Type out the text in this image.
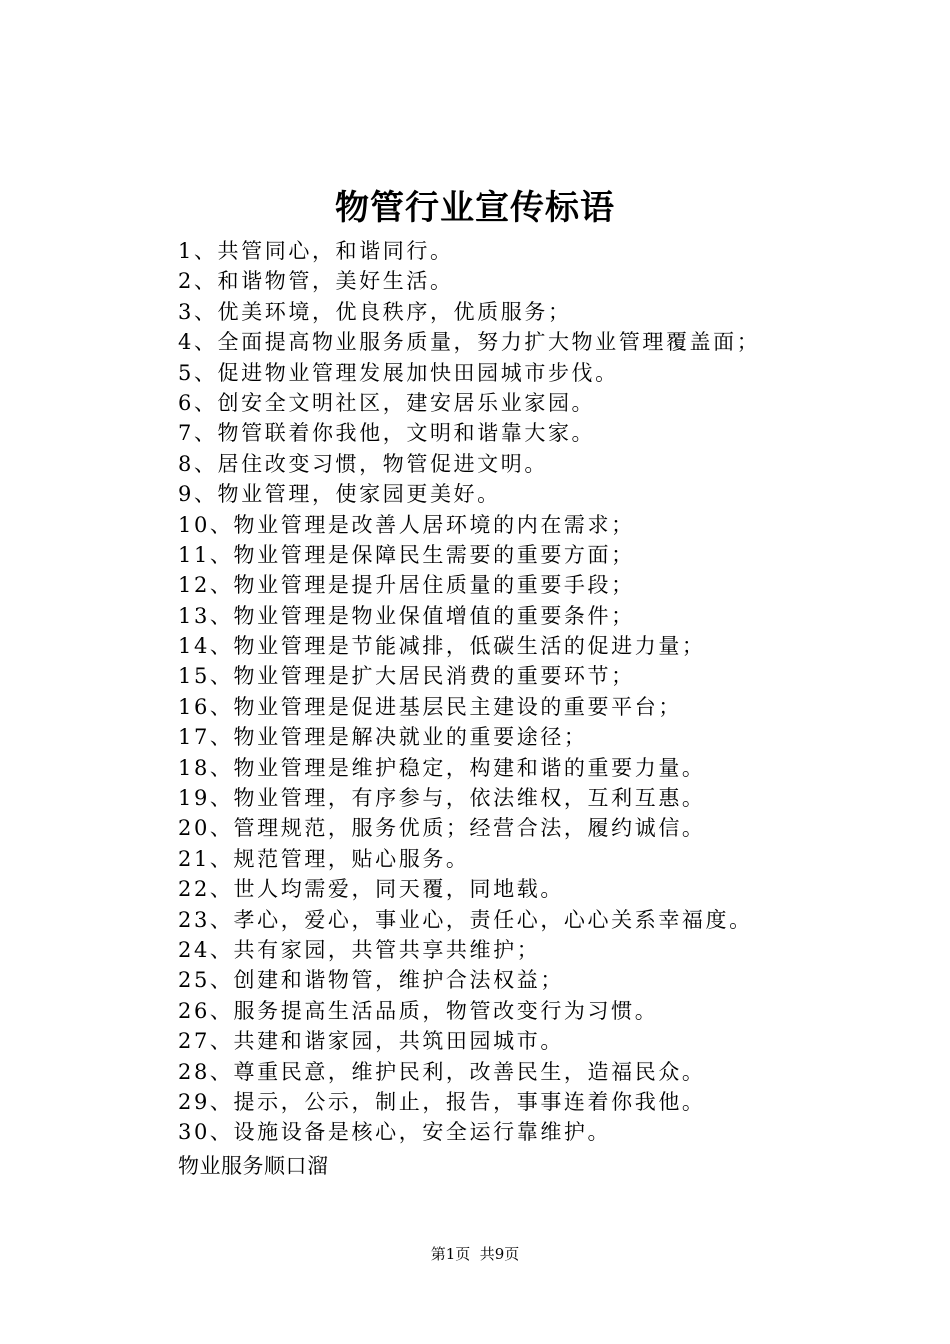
物管行业宣传标语
1、共管同心，和谐同行。
2、和谐物管，美好生活。
3、优美环境，优良秩序，优质服务；
4、全面提高物业服务质量，努力扩大物业管理覆盖面；
5、促进物业管理发展加快田园城市步伐。
6、创安全文明社区，建安居乐业家园。
7、物管联着你我他，文明和谐靠大家。
8、居住改变习惯，物管促进文明。
9、物业管理，使家园更美好。
10、物业管理是改善人居环境的内在需求；
11、物业管理是保障民生需要的重要方面；
12、物业管理是提升居住质量的重要手段；
13、物业管理是物业保值增值的重要条件；
14、物业管理是节能减排，低碳生活的促进力量；
15、物业管理是扩大居民消费的重要环节；
16、物业管理是促进基层民主建设的重要平台；
17、物业管理是解决就业的重要途径；
18、物业管理是维护稳定，构建和谐的重要力量。
19、物业管理，有序参与，依法维权，互利互惠。
20、管理规范，服务优质；经营合法，履约诚信。
21、规范管理，贴心服务。
22、世人均需爱，同天覆，同地载。
23、孝心，爱心，事业心，责任心，心心关系幸福度。
24、共有家园，共管共享共维护；
25、创建和谐物管，维护合法权益；
26、服务提高生活品质，物管改变行为习惯。
27、共建和谐家园，共筑田园城市。
28、尊重民意，维护民利，改善民生，造福民众。
29、提示，公示，制止，报告，事事连着你我他。
30、设施设备是核心，安全运行靠维护。
物业服务顺口溜
第1页  共9页
